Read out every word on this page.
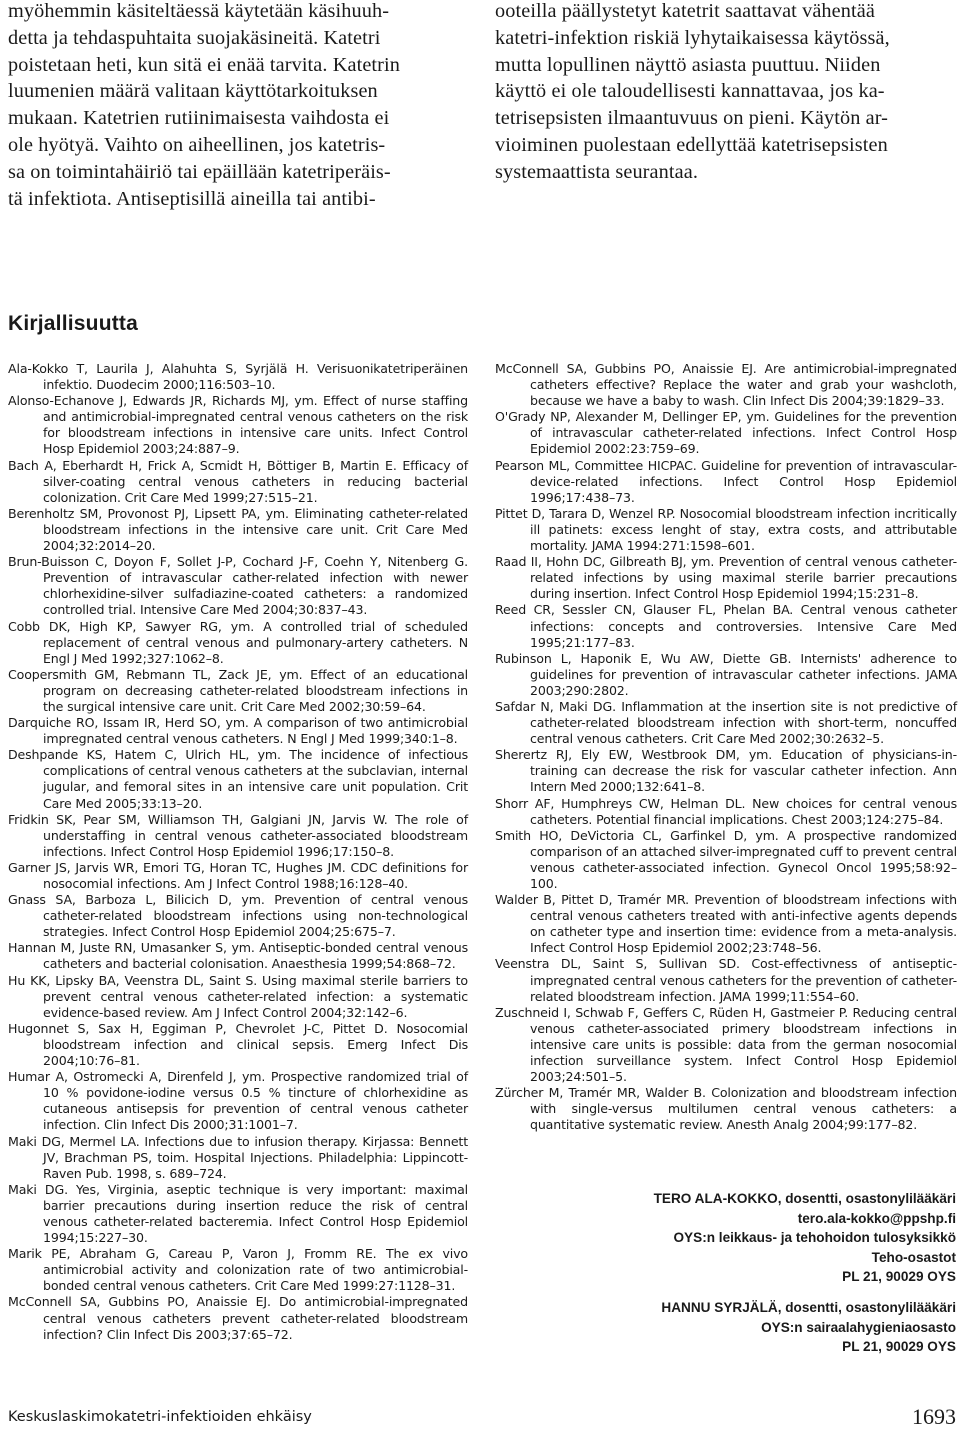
myöhemmin käsiteltäessä käytetään käsihuuh-
detta ja tehdaspuhtaita suojakäsineitä. Katetri
poistetaan heti, kun sitä ei enää tarvita. Katetrin
luumenien määrä valitaan käyttötarkoituksen
mukaan. Katetrien rutiinimaisesta vaihdosta ei
ole hyötyä. Vaihto on aiheellinen, jos katetris-
sa on toimintahäiriö tai epäillään katetriperäis-
tä infektiota. Antiseptisillä aineilla tai antibi-
ooteilla päällystetyt katetrit saattavat vähentää
katetri-infektion riskiä lyhytaikaisessa käytössä,
mutta lopullinen näyttö asiasta puuttuu. Niiden
käyttö ei ole taloudellisesti kannattavaa, jos ka-
tetrisepsisten ilmaantuvuus on pieni. Käytön ar-
vioiminen puolestaan edellyttää katetrisepsisten
systemaattista seurantaa.
Kirjallisuutta
Ala-Kokko T, Laurila J, Alahuhta S, Syrjälä H. Verisuonikatetriperäinen infektio. Duodecim 2000;116:503–10.
Alonso-Echanove J, Edwards JR, Richards MJ, ym. Effect of nurse staffing and antimicrobial-impregnated central venous catheters on the risk for bloodstream infections in intensive care units. Infect Control Hosp Epidemiol 2003;24:887–9.
Bach A, Eberhardt H, Frick A, Scmidt H, Böttiger B, Martin E. Efficacy of silver-coating central venous catheters in reducing bacterial colonization. Crit Care Med 1999;27:515–21.
Berenholtz SM, Provonost PJ, Lipsett PA, ym. Eliminating catheter-related bloodstream infections in the intensive care unit. Crit Care Med 2004;32:2014–20.
Brun-Buisson C, Doyon F, Sollet J-P, Cochard J-F, Coehn Y, Nitenberg G. Prevention of intravascular cather-related infection with newer chlorhexidine-silver sulfadiazine-coated catheters: a randomized controlled trial. Intensive Care Med 2004;30:837–43.
Cobb DK, High KP, Sawyer RG, ym. A controlled trial of scheduled replacement of central venous and pulmonary-artery catheters. N Engl J Med 1992;327:1062–8.
Coopersmith GM, Rebmann TL, Zack JE, ym. Effect of an educational program on decreasing catheter-related bloodstream infections in the surgical intensive care unit. Crit Care Med 2002;30:59–64.
Darquiche RO, Issam IR, Herd SO, ym. A comparison of two antimicrobial impregnated central venous catheters. N Engl J Med 1999;340:1–8.
Deshpande KS, Hatem C, Ulrich HL, ym. The incidence of infectious complications of central venous catheters at the subclavian, internal jugular, and femoral sites in an intensive care unit population. Crit Care Med 2005;33:13–20.
Fridkin SK, Pear SM, Williamson TH, Galgiani JN, Jarvis W. The role of understaffing in central venous catheter-associated bloodstream infections. Infect Control Hosp Epidemiol 1996;17:150–8.
Garner JS, Jarvis WR, Emori TG, Horan TC, Hughes JM. CDC definitions for nosocomial infections. Am J Infect Control 1988;16:128–40.
Gnass SA, Barboza L, Bilicich D, ym. Prevention of central venous catheter-related bloodstream infections using non-technological strategies. Infect Control Hosp Epidemiol 2004;25:675–7.
Hannan M, Juste RN, Umasanker S, ym. Antiseptic-bonded central venous catheters and bacterial colonisation. Anaesthesia 1999;54:868–72.
Hu KK, Lipsky BA, Veenstra DL, Saint S. Using maximal sterile barriers to prevent central venous catheter-related infection: a systematic evidence-based review. Am J Infect Control 2004;32:142–6.
Hugonnet S, Sax H, Eggiman P, Chevrolet J-C, Pittet D. Nosocomial bloodstream infection and clinical sepsis. Emerg Infect Dis 2004;10:76–81.
Humar A, Ostromecki A, Direnfeld J, ym. Prospective randomized trial of 10 % povidone-iodine versus 0.5 % tincture of chlorhexidine as cutaneous antisepsis for prevention of central venous catheter infection. Clin Infect Dis 2000;31:1001–7.
Maki DG, Mermel LA. Infections due to infusion therapy. Kirjassa: Bennett JV, Brachman PS, toim. Hospital Injections. Philadelphia: Lippincott-Raven Pub. 1998, s. 689–724.
Maki DG. Yes, Virginia, aseptic technique is very important: maximal barrier precautions during insertion reduce the risk of central venous catheter-related bacteremia. Infect Control Hosp Epidemiol 1994;15:227–30.
Marik PE, Abraham G, Careau P, Varon J, Fromm RE. The ex vivo antimicrobial activity and colonization rate of two antimicrobial-bonded central venous catheters. Crit Care Med 1999:27:1128–31.
McConnell SA, Gubbins PO, Anaissie EJ. Do antimicrobial-impregnated central venous catheters prevent catheter-related bloodstream infection? Clin Infect Dis 2003;37:65–72.
McConnell SA, Gubbins PO, Anaissie EJ. Are antimicrobial-impregnated catheters effective? Replace the water and grab your washcloth, because we have a baby to wash. Clin Infect Dis 2004;39:1829–33.
O'Grady NP, Alexander M, Dellinger EP, ym. Guidelines for the prevention of intravascular catheter-related infections. Infect Control Hosp Epidemiol 2002:23:759–69.
Pearson ML, Committee HICPAC. Guideline for prevention of intravascular-device-related infections. Infect Control Hosp Epidemiol 1996;17:438–73.
Pittet D, Tarara D, Wenzel RP. Nosocomial bloodstream infection incritically ill patinets: excess lenght of stay, extra costs, and attributable mortality. JAMA 1994:271:1598–601.
Raad II, Hohn DC, Gilbreath BJ, ym. Prevention of central venous catheter-related infections by using maximal sterile barrier precautions during insertion. Infect Control Hosp Epidemiol 1994;15:231–8.
Reed CR, Sessler CN, Glauser FL, Phelan BA. Central venous catheter infections: concepts and controversies. Intensive Care Med 1995;21:177–83.
Rubinson L, Haponik E, Wu AW, Diette GB. Internists' adherence to guidelines for prevention of intravascular catheter infections. JAMA 2003;290:2802.
Safdar N, Maki DG. Inflammation at the insertion site is not predictive of catheter-related bloodstream infection with short-term, noncuffed central venous catheters. Crit Care Med 2002;30:2632–5.
Sherertz RJ, Ely EW, Westbrook DM, ym. Education of physicians-in-training can decrease the risk for vascular catheter infection. Ann Intern Med 2000;132:641–8.
Shorr AF, Humphreys CW, Helman DL. New choices for central venous catheters. Potential financial implications. Chest 2003;124:275–84.
Smith HO, DeVictoria CL, Garfinkel D, ym. A prospective randomized comparison of an attached silver-impregnated cuff to prevent central venous catheter-associated infection. Gynecol Oncol 1995;58:92–100.
Walder B, Pittet D, Tramér MR. Prevention of bloodstream infections with central venous catheters treated with anti-infective agents depends on catheter type and insertion time: evidence from a meta-analysis. Infect Control Hosp Epidemiol 2002;23:748–56.
Veenstra DL, Saint S, Sullivan SD. Cost-effectivness of antiseptic-impregnated central venous catheters for the prevention of catheter-related bloodstream infection. JAMA 1999;11:554–60.
Zuschneid I, Schwab F, Geffers C, Rüden H, Gastmeier P. Reducing central venous catheter-associated primery bloodstream infections in intensive care units is possible: data from the german nosocomial infection surveillance system. Infect Control Hosp Epidemiol 2003;24:501–5.
Zürcher M, Tramér MR, Walder B. Colonization and bloodstream infection with single-versus multilumen central venous catheters: a quantitative systematic review. Anesth Analg 2004;99:177–82.
TERO ALA-KOKKO, dosentti, osastonylilääkäri
tero.ala-kokko@ppshp.fi
OYS:n leikkaus- ja tehohoidon tulosyksikkö
Teho-osastot
PL 21, 90029 OYS
HANNU SYRJÄLÄ, dosentti, osastonylilääkäri
OYS:n sairaalahygieniaosasto
PL 21, 90029 OYS
Keskuslaskimokatetri-infektioiden ehkäisy	1693
